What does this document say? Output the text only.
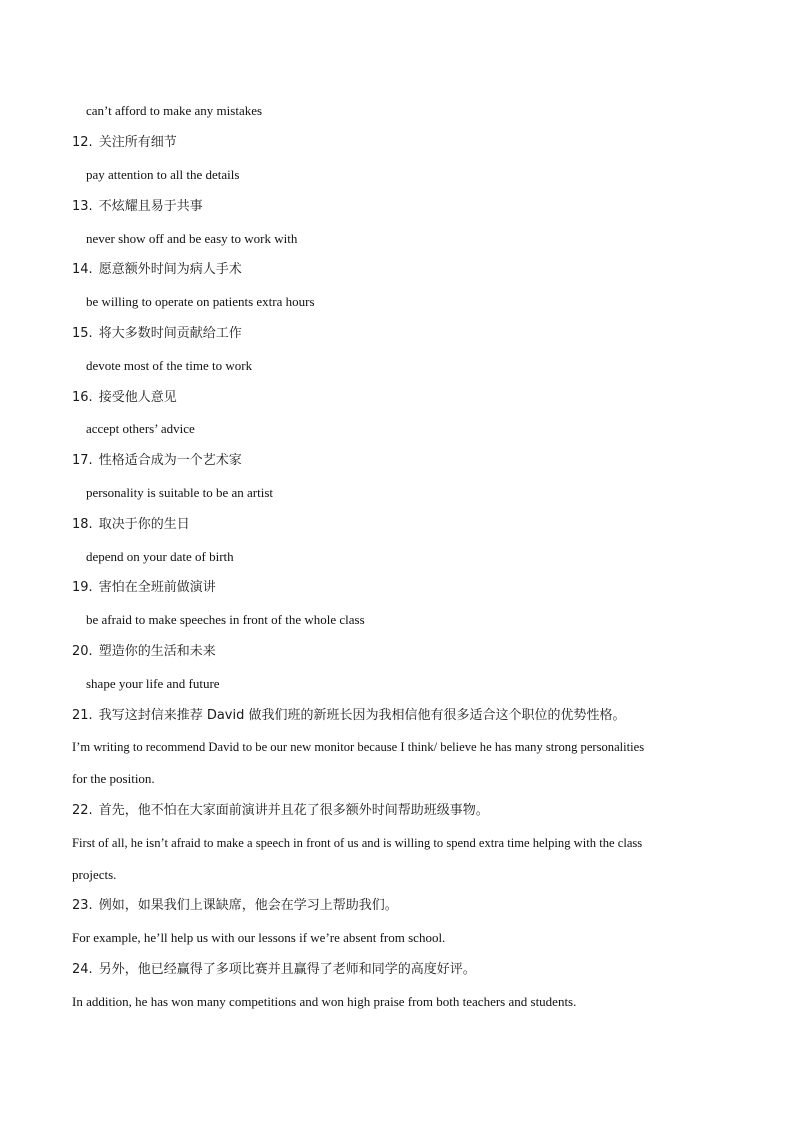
can’t afford to make any mistakes
12. 关注所有细节
pay attention to all the details
13. 不炫耀且易于共事
never show off and be easy to work with
14. 愿意额外时间为病人手术
be willing to operate on patients extra hours
15. 将大多数时间贡献给工作
devote most of the time to work
16. 接受他人意见
accept others’ advice
17. 性格适合成为一个艺术家
personality is suitable to be an artist
18. 取决于你的生日
depend on your date of birth
19. 害怕在全班前做演讲
be afraid to make speeches in front of the whole class
20. 塑造你的生活和未来
shape your life and future
21. 我写这封信来推荐 David 做我们班的新班长因为我相信他有很多适合这个职位的优势性格。
I’m writing to recommend David to be our new monitor because I think/ believe he has many strong personalities
for the position.
22. 首先，他不怕在大家面前演讲并且花了很多额外时间帮助班级事物。
First of all, he isn’t afraid to make a speech in front of us and is willing to spend extra time helping with the class
projects.
23. 例如，如果我们上课缺席，他会在学习上帮助我们。
For example, he’ll help us with our lessons if we’re absent from school.
24. 另外，他已经赢得了多项比赛并且赢得了老师和同学的高度好评。
In addition, he has won many competitions and won high praise from both teachers and students.
